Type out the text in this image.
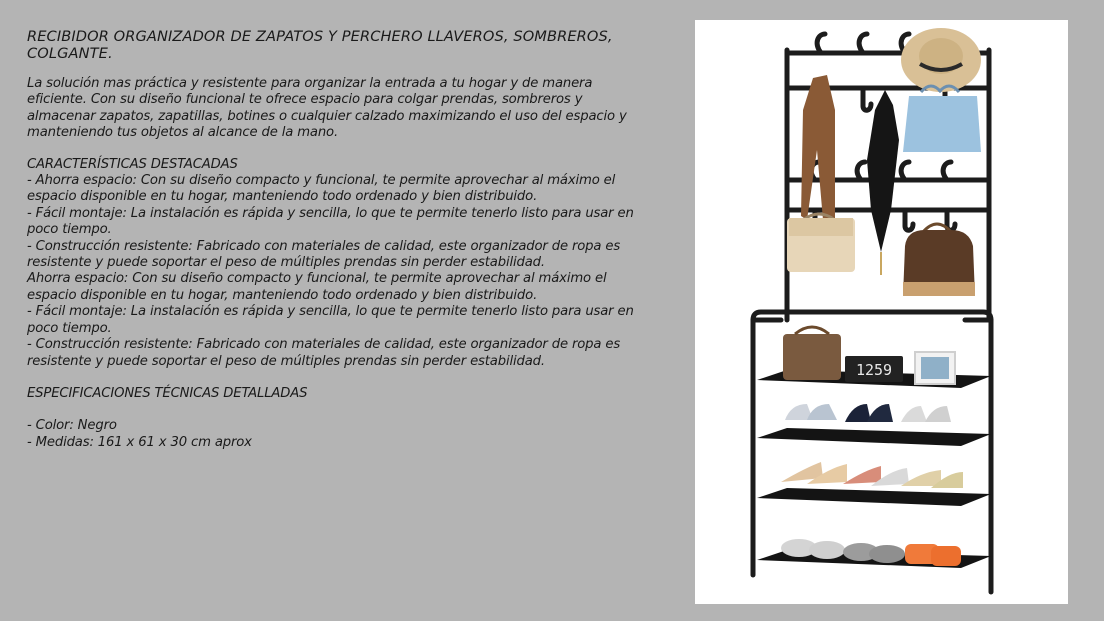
RECIBIDOR ORGANIZADOR DE ZAPATOS Y PERCHERO LLAVEROS, SOMBREROS, COLGANTE.

La solución mas práctica y resistente para organizar la entrada a tu hogar y de manera eficiente. Con su diseño funcional te ofrece espacio para colgar prendas, sombreros y almacenar zapatos, zapatillas, botines o cualquier calzado maximizando el uso del espacio y manteniendo tus objetos al alcance de la mano.

CARACTERÍSTICAS DESTACADAS

- Ahorra espacio: Con su diseño compacto y funcional, te permite aprovechar al máximo el espacio disponible en tu hogar, manteniendo todo ordenado y bien distribuido.

- Fácil montaje: La instalación es rápida y sencilla, lo que te permite tenerlo listo para usar en poco tiempo.

- Construcción resistente: Fabricado con materiales de calidad, este organizador de ropa es resistente y puede soportar el peso de múltiples prendas sin perder estabilidad.

Ahorra espacio: Con su diseño compacto y funcional, te permite aprovechar al máximo el espacio disponible en tu hogar, manteniendo todo ordenado y bien distribuido.

- Fácil montaje: La instalación es rápida y sencilla, lo que te permite tenerlo listo para usar en poco tiempo.

- Construcción resistente: Fabricado con materiales de calidad, este organizador de ropa es resistente y puede soportar el peso de múltiples prendas sin perder estabilidad.

ESPECIFICACIONES TÉCNICAS DETALLADAS

- Color: Negro

- Medidas: 161 x 61 x 30 cm aprox

1259
